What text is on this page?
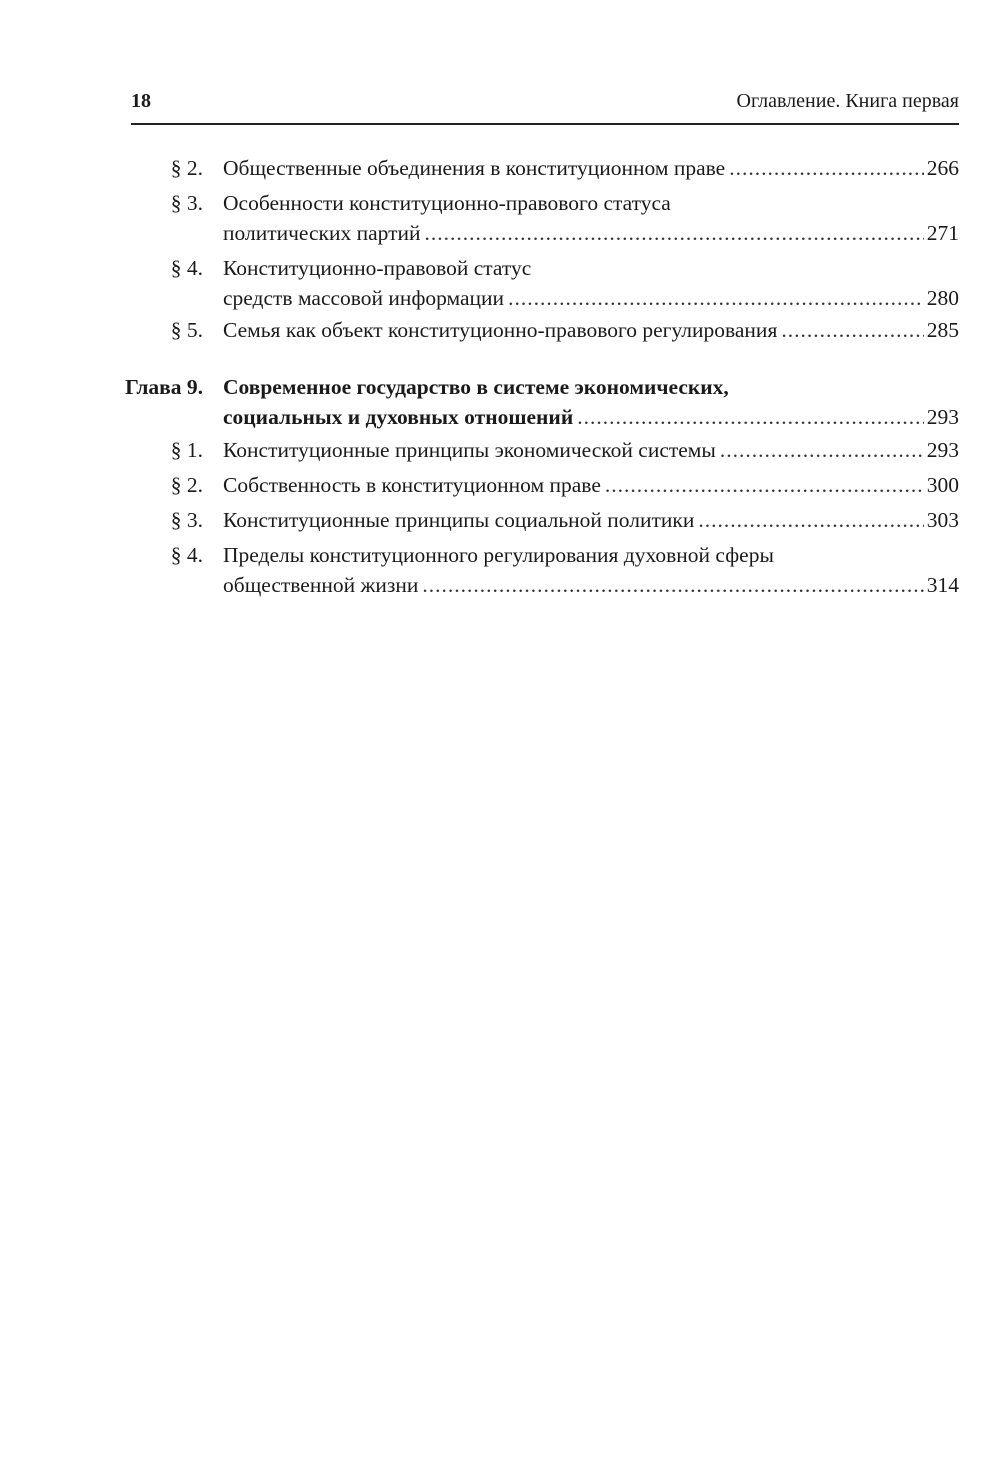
18	Оглавление. Книга первая
§ 2. Общественные объединения в конституционном праве .....	266
§ 3. Особенности конституционно-правового статуса
политических партий .....	271
§ 4. Конституционно-правовой статус
средств массовой информации .....	280
§ 5. Семья как объект конституционно-правового регулирования .....	285
Глава 9. Современное государство в системе экономических,
социальных и духовных отношений .....	293
§ 1. Конституционные принципы экономической системы .....	293
§ 2. Собственность в конституционном праве .....	300
§ 3. Конституционные принципы социальной политики .....	303
§ 4. Пределы конституционного регулирования духовной сферы
общественной жизни .....	314
